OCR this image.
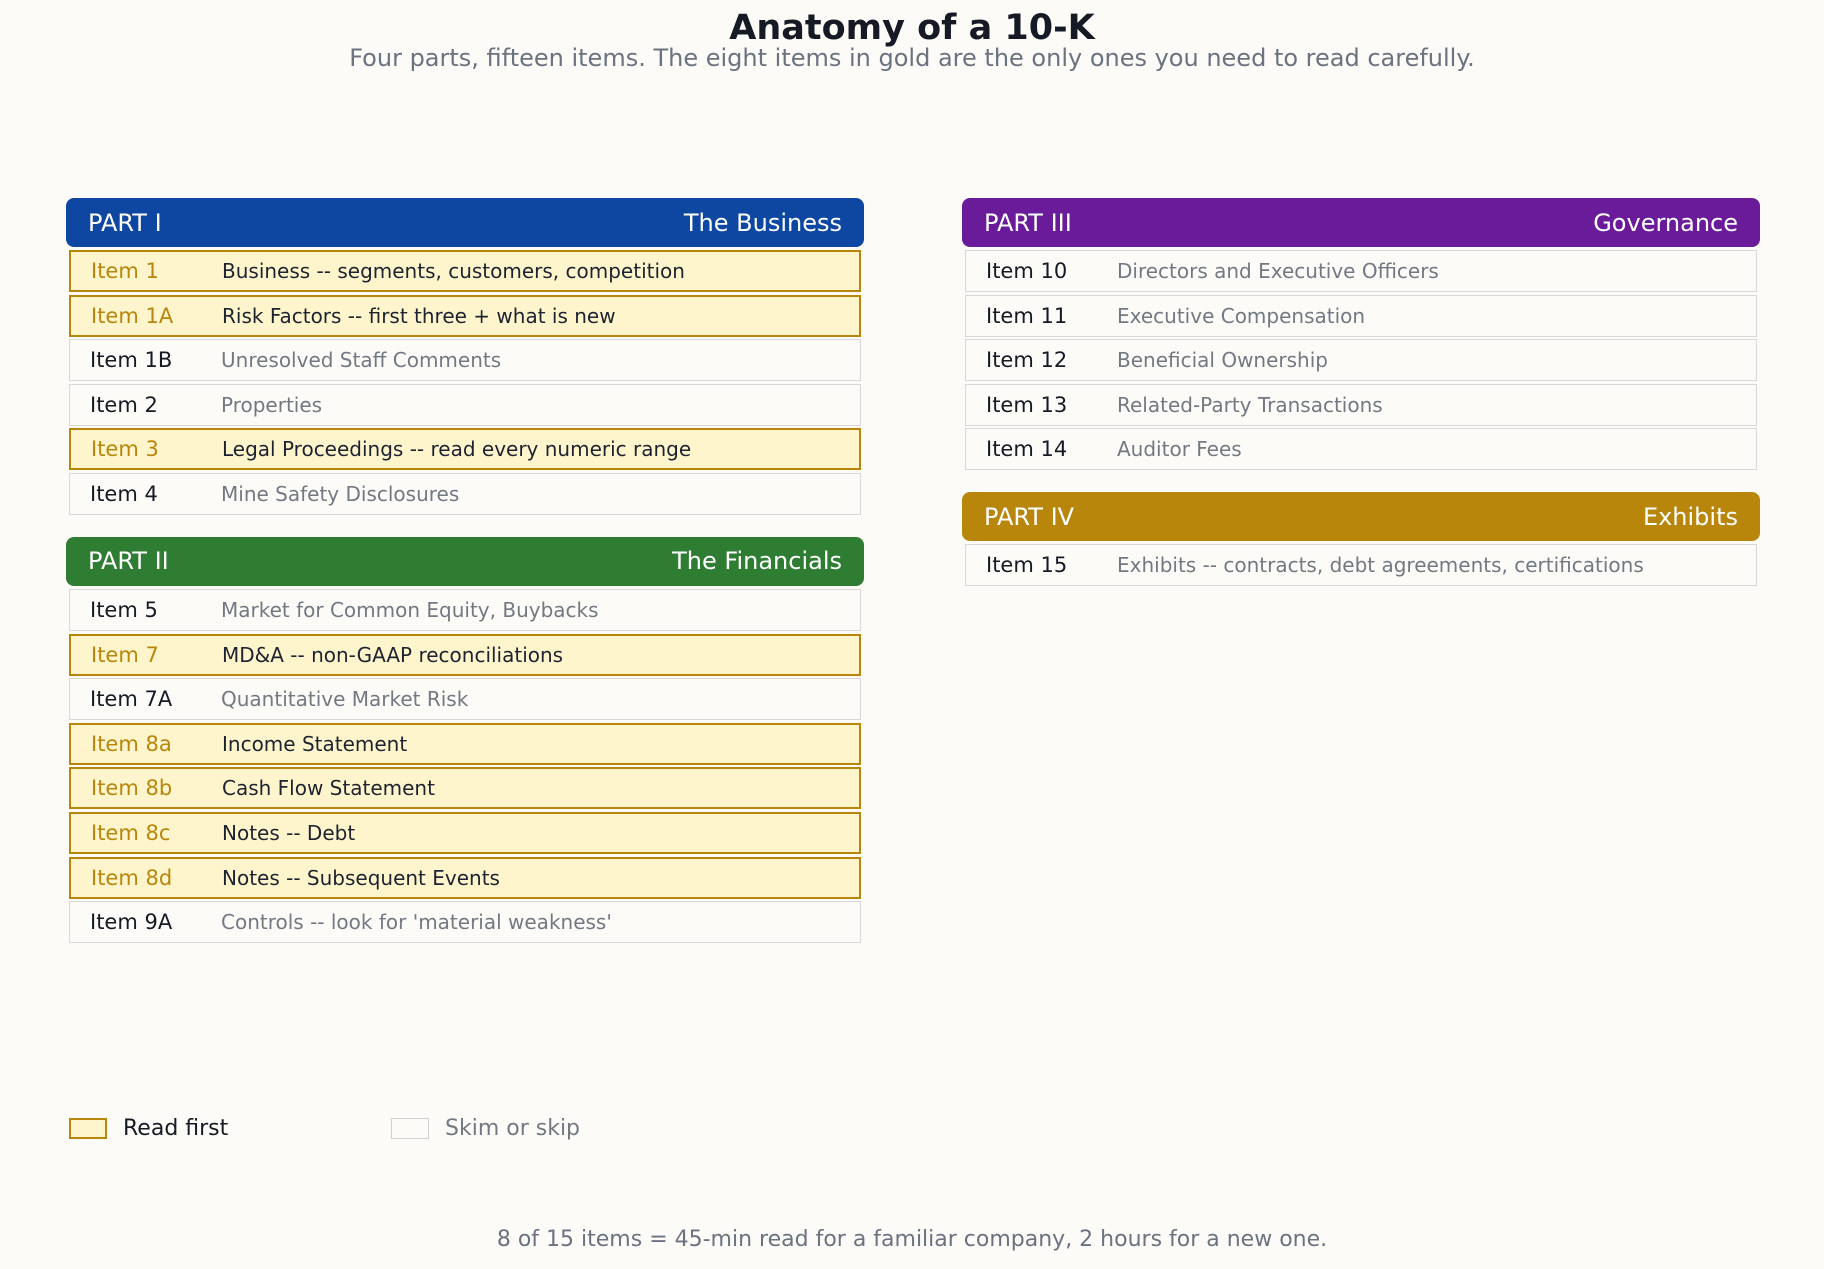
Anatomy of a 10-K
Four parts, fifteen items. The eight items in gold are the only ones you need to read carefully.
PART I	The Business
Item 1	Business -- segments, customers, competition
Item 1A	Risk Factors -- first three + what is new
Item 1B	Unresolved Staff Comments
Item 2	Properties
Item 3	Legal Proceedings -- read every numeric range
Item 4	Mine Safety Disclosures
PART II	The Financials
Item 5	Market for Common Equity, Buybacks
Item 7	MD&A -- non-GAAP reconciliations
Item 7A	Quantitative Market Risk
Item 8a	Income Statement
Item 8b	Cash Flow Statement
Item 8c	Notes -- Debt
Item 8d	Notes -- Subsequent Events
Item 9A	Controls -- look for 'material weakness'
PART III	Governance
Item 10	Directors and Executive Officers
Item 11	Executive Compensation
Item 12	Beneficial Ownership
Item 13	Related-Party Transactions
Item 14	Auditor Fees
PART IV	Exhibits
Item 15	Exhibits -- contracts, debt agreements, certifications
Read first	Skim or skip
8 of 15 items = 45-min read for a familiar company, 2 hours for a new one.
